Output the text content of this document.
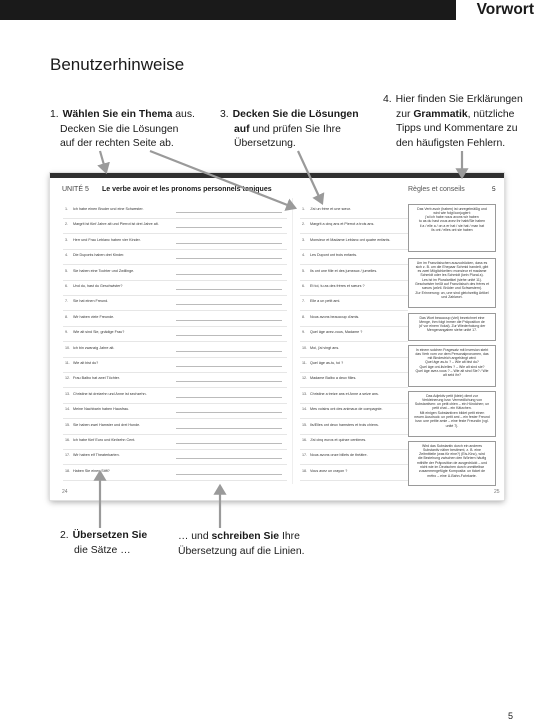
Vorwort
Benutzerhinweise
1. Wählen Sie ein Thema aus.
Decken Sie die Lösungen
auf der rechten Seite ab.
3. Decken Sie die Lösungen
auf und prüfen Sie Ihre
Übersetzung.
4. Hier finden Sie Erklärungen
zur Grammatik, nützliche
Tipps und Kommentare zu
den häufigsten Fehlern.
2. Übersetzen Sie
die Sätze …
… und schreiben Sie Ihre
Übersetzung auf die Linien.
UNITÉ 5 Le verbe avoir et les pronoms personnels toniques	Règles et conseils	5
24	25
1. Ich habe einen Bruder und eine Schwester.
2. Margrit ist fünf Jahre alt und Pierrot ist drei Jahre alt.
3. Herr und Frau Leblanc haben vier Kinder.
4. Die Duponts haben drei Kinder.
5. Sie haben eine Tochter und Zwillinge.
6. Und du, hast du Geschwister?
7. Sie hat einen Freund.
8. Wir haben viele Freunde.
9. Wie alt sind Sie, gnädige Frau?
10. Ich bin zwanzig Jahre alt.
11. Wie alt bist du?
12. Frau Balbo hat zwei Töchter.
13. Christine ist dreizehn und Anne ist sechzehn.
14. Meine Nachbarin haben Hausfrau.
15. Sie haben zwei Hamster und drei Hunde.
16. Ich habe fünf Euro und fünfzehn Cent.
17. Wir haben elf Theaterkarten.
18. Haben Sie einen Stift?
1. J'ai un frère et une sœur.
2. Margrit a cinq ans et Pierrot a trois ans.
3. Monsieur et Madame Leblanc ont quatre enfants.
4. Les Dupont ont trois enfants.
5. Ils ont une fille et des jumeaux / jumelles.
6. Et toi, tu as des frères et sœurs ?
7. Elle a un petit ami.
8. Nous avons beaucoup d'amis.
9. Quel âge avez-vous, Madame ?
10. Moi, j'ai vingt ans.
11. Quel âge as-tu, toi ?
12. Madame Balbo a deux filles.
13. Christine a treize ans et Anne a seize ans.
14. Mes voisins ont des animaux de compagnie.
15. Ils/Elles ont deux hamsters et trois chiens.
16. J'ai cinq euros et quinze centimes.
17. Nous avons onze billets de théâtre.
18. Vous avez un crayon ?
Das Verb avoir (haben) ist unregelmäßig und
wird wie folgt konjugiert:
j'ai ich habe nous avons wir haben
tu as du hast vous avez ihr habt/Sie haben
il a / elle a / on a er hat / sie hat / man hat
ils ont / elles ont sie haben
Um im Französischen auszudrücken, dass es
sich z. B. um die Ehepaar Schmid handelt, gibt
es zwei Möglichkeiten: monsieur et madame
Schmidt oder les Schmidt (kein Plural-s).
Les ist im Pluralartikel (siehe unité 11).
Geschwister heißt auf Französisch des frères et
sœurs (wörtl. Brüder und Schwestern).
Zur Erinnerung: un, une sind gleichzeitig Artikel
und Zahlwort.
Das Wort beaucoup (viel) bezeichnet eine
Menge, ihm folgt immer die Präposition de
(d' vor einem Vokal). Zur Wiederholung der
Mengenangaben siehe unité 17.
In einem solchen Fragesatz mit Inversion steht
das Verb vorn vor dem Personalpronomen, das
mit Bindestrich angehängt wird:
Quel âge as-tu ? – Wie alt bist du?
Quel âge ont-ils/elles ? – Wie alt sind sie?
Quel âge avez-vous ? – Wie alt sind Sie? / Wie
alt seid ihr?
Das Adjektiv petit (klein) dient zur
Verkleinerung bzw. Vermedlichung von
Substantiven: un petit chien – ein Hündchen; un
petit chat – ein Kätzchen.
Mit einigen Substantiven bildet petit einen
neuen Ausdruck: un petit ami – ein fester Freund
bzw. une petite amie – eine feste Freundin (vgl.
unité 7).
Wird das Substantiv durch ein anderes
Substantiv näher bestimmt, z. B. eine
Zeitmitteile (was für eine?) (Eis-Kino), wird
die Beziehung zwischen den Wörtern häufig
mithilfe der Präposition de ausgedrückt – und
nicht wie im Deutschen durch unmittelbar
zusammengefügte Komposita: un ticket de
métro – eine U-Bahn-Fahrkarte.
5
